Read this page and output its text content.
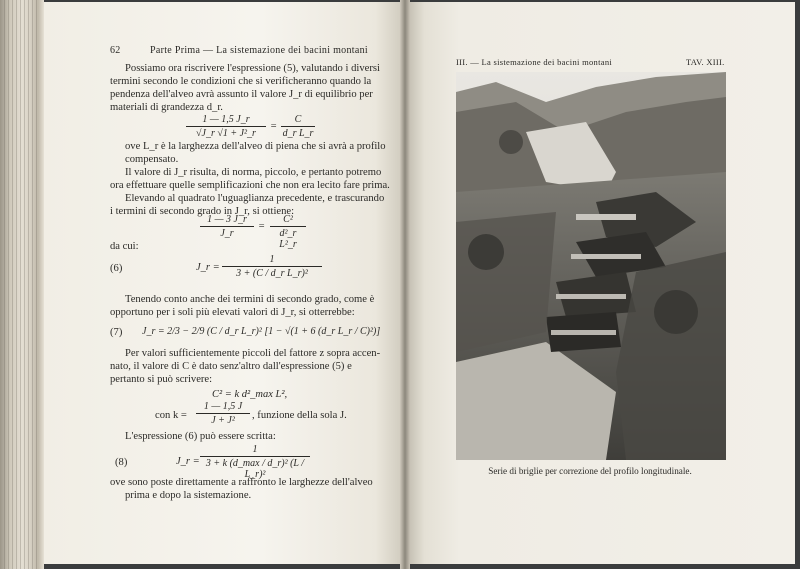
62	Parte Prima — La sistemazione dei bacini montani
Possiamo ora riscrivere l'espressione (5), valutando i diversi
termini secondo le condizioni che si verificheranno quando la
pendenza dell'alveo avrà assunto il valore J_r di equilibrio per
materiali di grandezza d_r.
$\frac{1 — 1,5 J\_r}{\text{√J\_r √1 + J²\_r}} = \frac{C}{\text{d\_r L\_r}}$
ove L_r è la larghezza dell'alveo di piena che si avrà a profilo
compensato.
Il valore di J_r risulta, di norma, piccolo, e pertanto potremo
ora effettuare quelle semplificazioni che non era lecito fare prima.
Elevando al quadrato l'uguaglianza precedente, e trascurando
i termini di secondo grado in J_r, si ottiene:
$\frac{1 — 3 J\_r}{J\_r} = \frac{\text{C²}}{\text{d²\_r L²\_r}}$
da cui:
(6)	J_r = $\frac{1}{\text{3 + (C / d\_r L\_r)²}}$
Tenendo conto anche dei termini di secondo grado, come è
opportuno per i soli più elevati valori di J_r, si otterrebbe:
(7) J_r = 2/3 − 2/9 (C / d_r L_r)² [1 − √(1 + 6 (d_r L_r / C)²)]
Per valori sufficientemente piccoli del fattore z sopra accen-
nato, il valore di C è dato senz'altro dall'espressione (5) e
pertanto si può scrivere:
C² = k d²_max L²,
con $k = \frac{1 — 1,5 J}{\text{J + J²}}$ , funzione della sola J.
L'espressione (6) può essere scritta:
(8)	J_r =
1
3 + k (d_max / d_r)² (L / L_r)²
ove sono poste direttamente a raffronto le larghezze dell'alveo
prima e dopo la sistemazione.
III. — La sistemazione dei bacini montani	TAV. XIII.
Serie di briglie per correzione del profilo longitudinale.
